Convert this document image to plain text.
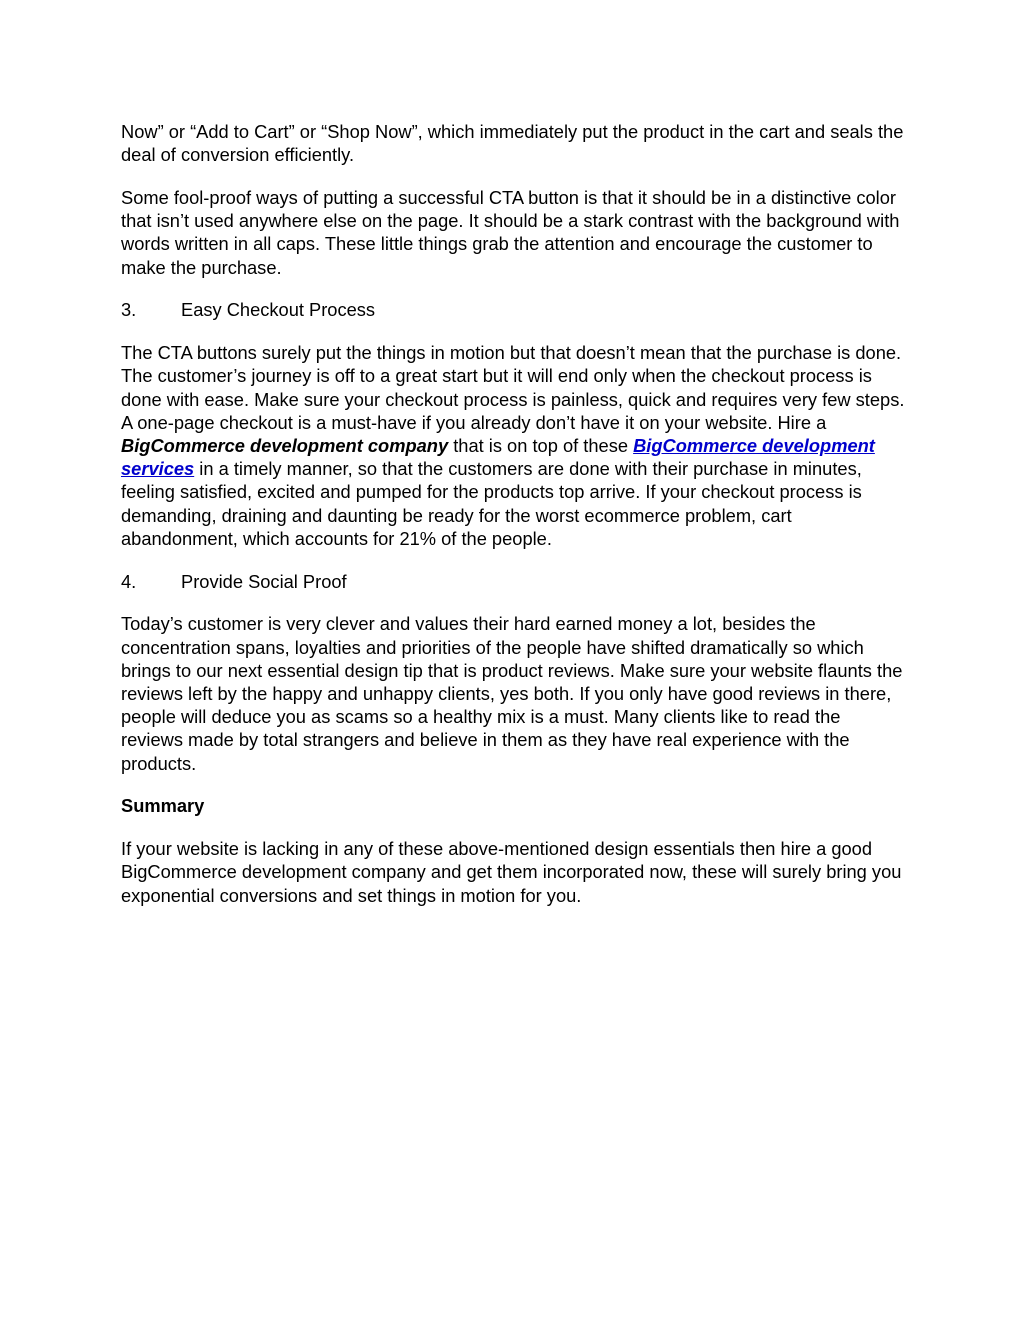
Now” or “Add to Cart” or “Shop Now”, which immediately put the product in the cart and seals the deal of conversion efficiently.

Some fool-proof ways of putting a successful CTA button is that it should be in a distinctive color that isn’t used anywhere else on the page. It should be a stark contrast with the background with words written in all caps. These little things grab the attention and encourage the customer to make the purchase.

3.	Easy Checkout Process

The CTA buttons surely put the things in motion but that doesn’t mean that the purchase is done. The customer’s journey is off to a great start but it will end only when the checkout process is done with ease. Make sure your checkout process is painless, quick and requires very few steps. A one-page checkout is a must-have if you already don’t have it on your website. Hire a BigCommerce development company that is on top of these BigCommerce development services in a timely manner, so that the customers are done with their purchase in minutes, feeling satisfied, excited and pumped for the products top arrive. If your checkout process is demanding, draining and daunting be ready for the worst ecommerce problem, cart abandonment, which accounts for 21% of the people.

4.	Provide Social Proof

Today’s customer is very clever and values their hard earned money a lot, besides the concentration spans, loyalties and priorities of the people have shifted dramatically so which brings to our next essential design tip that is product reviews. Make sure your website flaunts the reviews left by the happy and unhappy clients, yes both. If you only have good reviews in there, people will deduce you as scams so a healthy mix is a must. Many clients like to read the reviews made by total strangers and believe in them as they have real experience with the products.

Summary

If your website is lacking in any of these above-mentioned design essentials then hire a good BigCommerce development company and get them incorporated now, these will surely bring you exponential conversions and set things in motion for you.
